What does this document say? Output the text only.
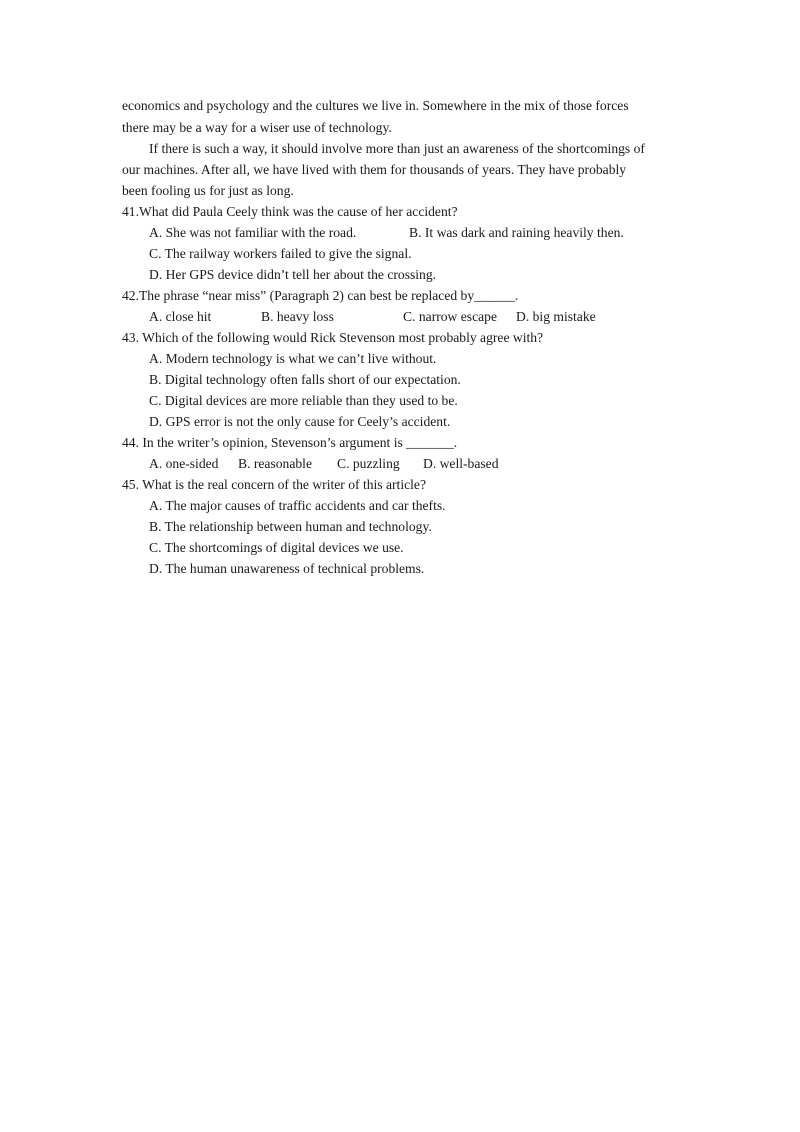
economics and psychology and the cultures we live in. Somewhere in the mix of those forces
there may be a way for a wiser use of technology.
If there is such a way, it should involve more than just an awareness of the shortcomings of
our machines. After all, we have lived with them for thousands of years. They have probably
been fooling us for just as long.
41.What did Paula Ceely think was the cause of her accident?
A. She was not familiar with the road.	B. It was dark and raining heavily then.
C. The railway workers failed to give the signal.
D. Her GPS device didn’t tell her about the crossing.
42.The phrase “near miss” (Paragraph 2) can best be replaced by______.
A. close hit	B. heavy loss	C. narrow escape D. big mistake
43. Which of the following would Rick Stevenson most probably agree with?
A. Modern technology is what we can’t live without.
B. Digital technology often falls short of our expectation.
C. Digital devices are more reliable than they used to be.
D. GPS error is not the only cause for Ceely’s accident.
44. In the writer’s opinion, Stevenson’s argument is _______.
A. one-sided B. reasonable C. puzzling D. well-based
45. What is the real concern of the writer of this article?
A. The major causes of traffic accidents and car thefts.
B. The relationship between human and technology.
C. The shortcomings of digital devices we use.
D. The human unawareness of technical problems.
